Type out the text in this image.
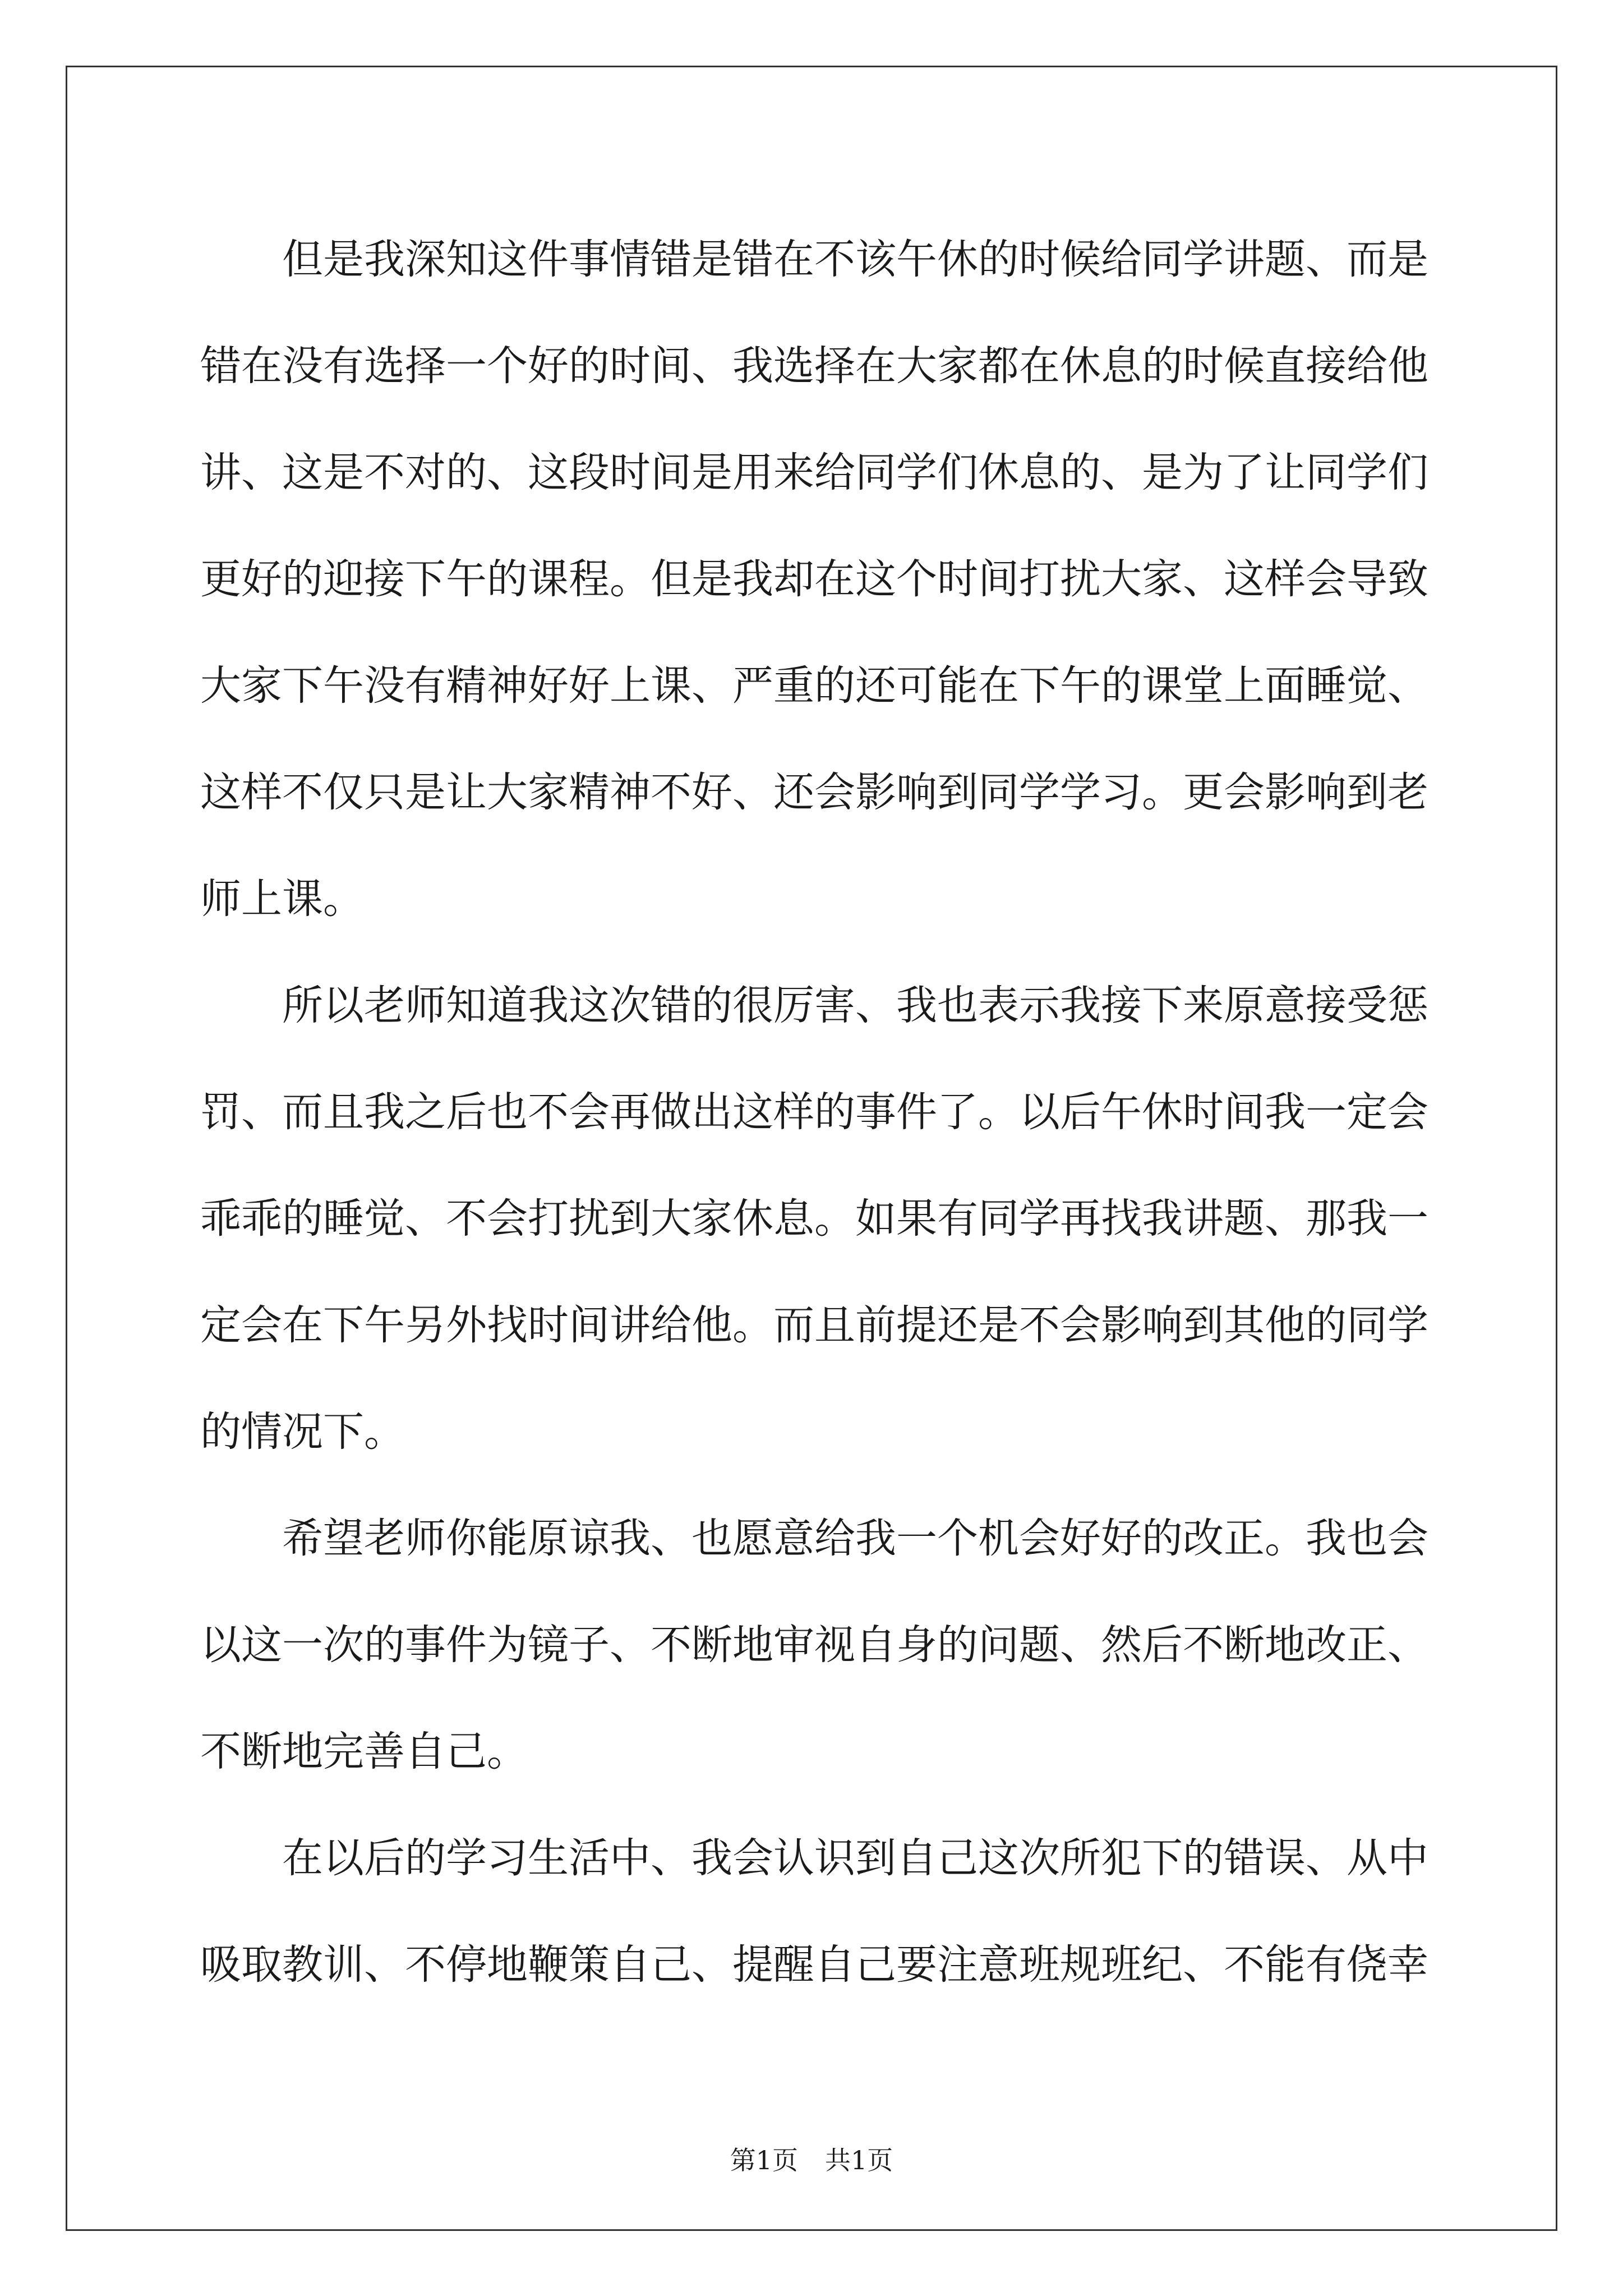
但是我深知这件事情错是错在不该午休的时候给同学讲题、而是错在没有选择一个好的时间、我选择在大家都在休息的时候直接给他讲、这是不对的、这段时间是用来给同学们休息的、是为了让同学们更好的迎接下午的课程。但是我却在这个时间打扰大家、这样会导致大家下午没有精神好好上课、严重的还可能在下午的课堂上面睡觉、这样不仅只是让大家精神不好、还会影响到同学学习。更会影响到老师上课。

所以老师知道我这次错的很厉害、我也表示我接下来原意接受惩罚、而且我之后也不会再做出这样的事件了。以后午休时间我一定会乖乖的睡觉、不会打扰到大家休息。如果有同学再找我讲题、那我一定会在下午另外找时间讲给他。而且前提还是不会影响到其他的同学的情况下。

希望老师你能原谅我、也愿意给我一个机会好好的改正。我也会以这一次的事件为镜子、不断地审视自身的问题、然后不断地改正、不断地完善自己。

在以后的学习生活中、我会认识到自己这次所犯下的错误、从中吸取教训、不停地鞭策自己、提醒自己要注意班规班纪、不能有侥幸

第1页 共1页
